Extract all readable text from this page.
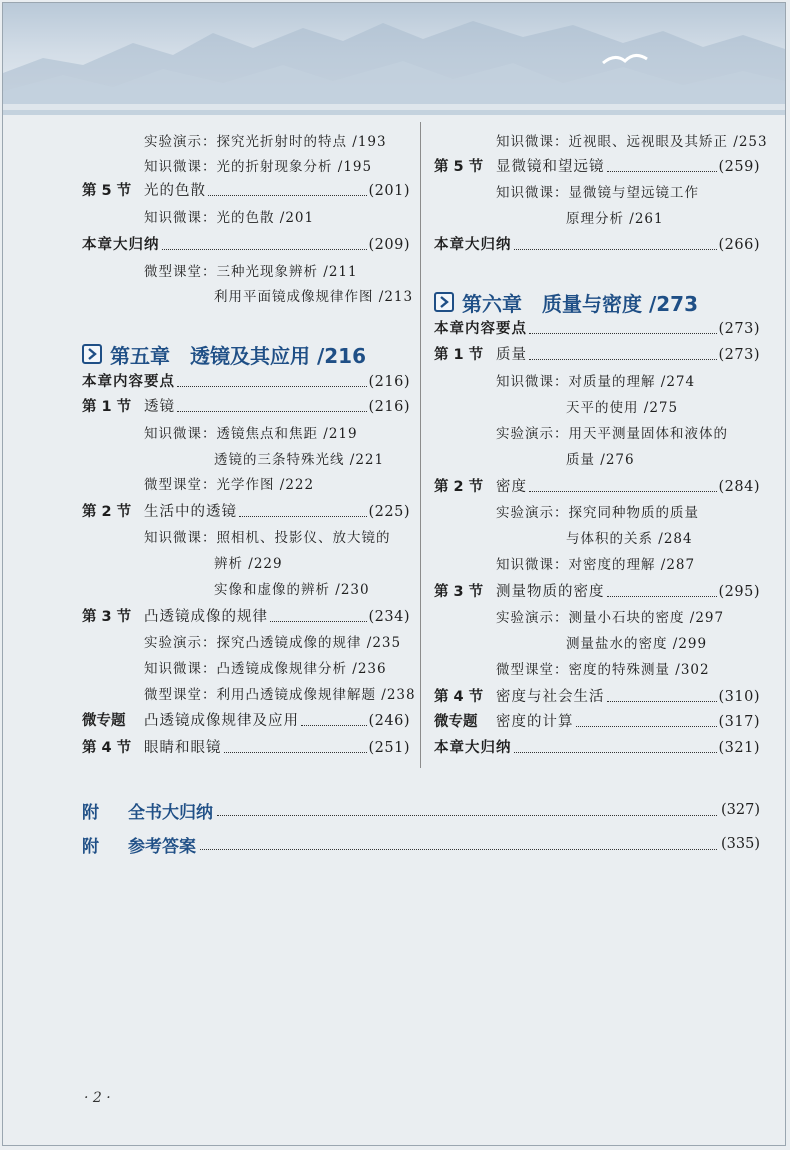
实验演示：探究光折射时的特点 /193
知识微课：光的折射现象分析 /195
第 5 节 光的色散	(201)
知识微课：光的色散 /201
本章大归纳	(209)
微型课堂：三种光现象辨析 /211
利用平面镜成像规律作图 /213
第五章　透镜及其应用 /216
本章内容要点	(216)
第 1 节 透镜	(216)
知识微课：透镜焦点和焦距 /219
透镜的三条特殊光线 /221
微型课堂：光学作图 /222
第 2 节 生活中的透镜	(225)
知识微课：照相机、投影仪、放大镜的
辨析 /229
实像和虚像的辨析 /230
第 3 节 凸透镜成像的规律	(234)
实验演示：探究凸透镜成像的规律 /235
知识微课：凸透镜成像规律分析 /236
微型课堂：利用凸透镜成像规律解题 /238
微专题	凸透镜成像规律及应用	(246)
第 4 节 眼睛和眼镜	(251)
知识微课：近视眼、远视眼及其矫正 /253
第 5 节 显微镜和望远镜	(259)
知识微课：显微镜与望远镜工作
原理分析 /261
本章大归纳	(266)
第六章　质量与密度 /273
本章内容要点	(273)
第 1 节 质量	(273)
知识微课：对质量的理解 /274
天平的使用 /275
实验演示：用天平测量固体和液体的
质量 /276
第 2 节 密度	(284)
实验演示：探究同种物质的质量
与体积的关系 /284
知识微课：对密度的理解 /287
第 3 节 测量物质的密度	(295)
实验演示：测量小石块的密度 /297
测量盐水的密度 /299
微型课堂：密度的特殊测量 /302
第 4 节 密度与社会生活	(310)
微专题	密度的计算	(317)
本章大归纳	(321)
附	全书大归纳	(327)
附	参考答案	(335)
· 2 ·
